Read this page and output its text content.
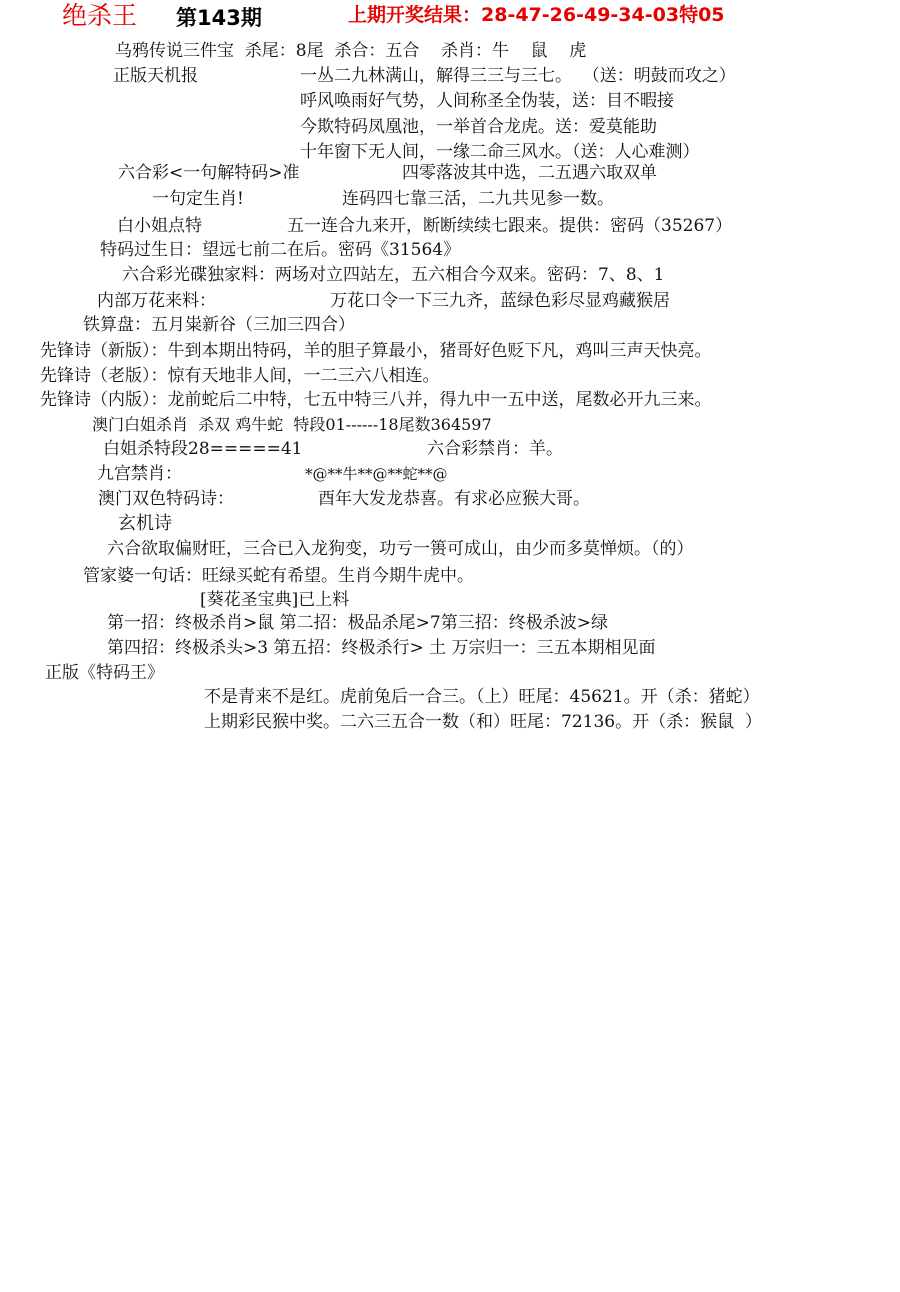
绝杀王 第143期	上期开奖结果：28-47-26-49-34-03特05
乌鸦传说三件宝  杀尾：8尾  杀合：五合    杀肖：牛    鼠    虎
正版天机报	一丛二九林满山，解得三三与三七。  （送：明鼓而攻之）
呼风唤雨好气势，人间称圣全伪装，送：目不暇接
今欺特码凤凰池，一举首合龙虎。送：爱莫能助
十年窗下无人间，一缘二命三风水。（送：人心难测）
六合彩<一句解特码>准	四零落波其中选，二五遇六取双单
一句定生肖!	连码四七靠三活，二九共见参一数。
白小姐点特	五一连合九来开，断断续续七跟来。提供：密码（35267）
特码过生日：望远七前二在后。密码《31564》
六合彩光碟独家料：两场对立四站左，五六相合今双来。密码：7、8、1
内部万花来料：	万花口令一下三九齐，蓝绿色彩尽显鸡藏猴居
铁算盘：五月粜新谷（三加三四合）
先锋诗（新版）：牛到本期出特码，羊的胆子算最小，猪哥好色贬下凡，鸡叫三声天快亮。
先锋诗（老版）：惊有天地非人间，一二三六八相连。
先锋诗（内版）：龙前蛇后二中特，七五中特三八并，得九中一五中送，尾数必开九三来。
澳门白姐杀肖  杀双 鸡牛蛇  特段01------18尾数364597
白姐杀特段28=====41	六合彩禁肖：羊。
九宫禁肖：	*@**牛**@**蛇**@
澳门双色特码诗：	酉年大发龙恭喜。有求必应猴大哥。
玄机诗
六合欲取偏财旺，三合已入龙狗变，功亏一篑可成山，由少而多莫惮烦。（的）
管家婆一句话：旺绿买蛇有希望。生肖今期牛虎中。
[葵花圣宝典]已上料
第一招：终极杀肖>鼠 第二招：极品杀尾>7第三招：终极杀波>绿
第四招：终极杀头>3 第五招：终极杀行> 土 万宗归一：三五本期相见面
正版《特码王》
不是青来不是红。虎前兔后一合三。（上）旺尾：45621。开（杀：猪蛇）
上期彩民猴中奖。二六三五合一数（和）旺尾：72136。开（杀：猴鼠  ）
